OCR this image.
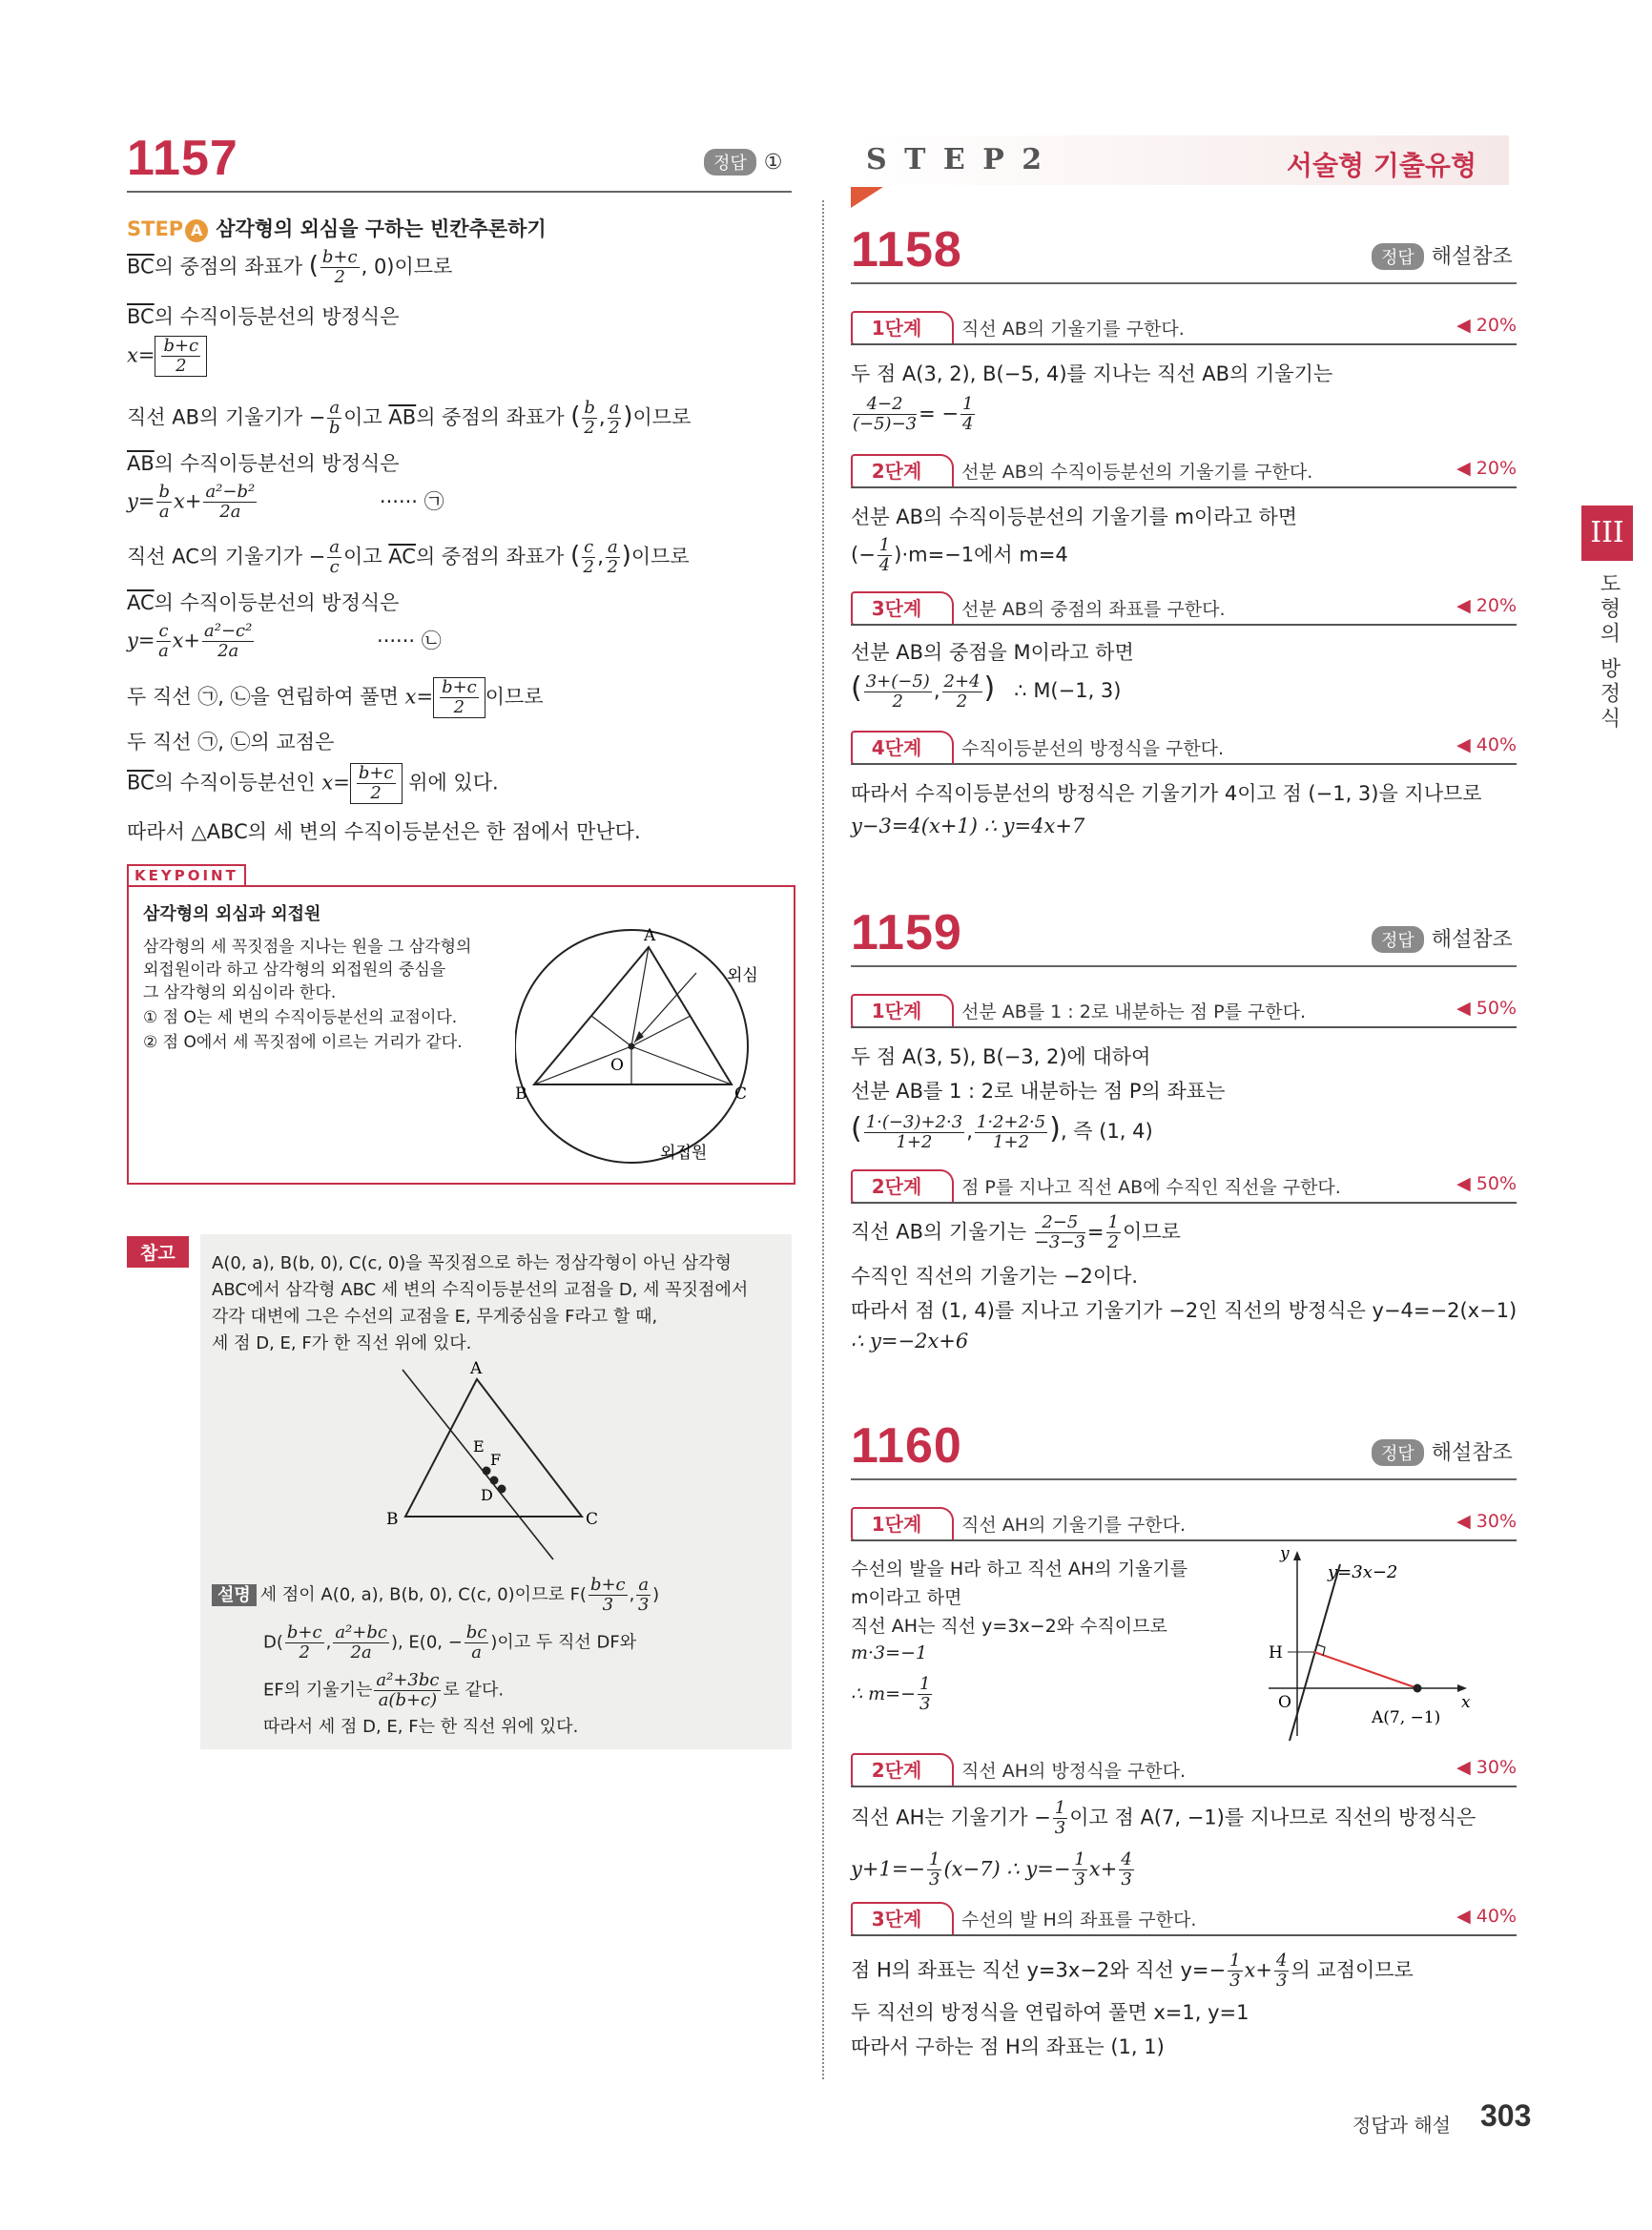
1157	정답 ①
STEP A 삼각형의 외심을 구하는 빈칸추론하기
$\overline{BC}$의 중점의 좌표가 ( $\frac{b+c}{2}$ , 0)이므로
$\overline{BC}$의 수직이등분선의 방정식은
$x= \frac{b+c}{2}$
직선 AB의 기울기가 − $\frac{a}{b}$ 이고 $\overline{AB}$의 중점의 좌표가 ( $\frac{b}{2}$ , $\frac{a}{2}$ )이므로
$\overline{AB}$의 수직이등분선의 방정식은
$y= \frac{b}{a} x+ \frac{\text{a²−b²}}{2a}$	······ ㉠
직선 AC의 기울기가 − $\frac{a}{c}$ 이고 $\overline{AC}$의 중점의 좌표가 ( $\frac{c}{2}$ , $\frac{a}{2}$ )이므로
$\overline{AC}$의 수직이등분선의 방정식은
$y= \frac{c}{a} x+ \frac{\text{a²−c²}}{2a}$	······ ㉡
두 직선 ㉠, ㉡을 연립하여 풀면 $x= \frac{b+c}{2}$ 이므로
두 직선 ㉠, ㉡의 교점은
$\overline{BC}$의 수직이등분선인 $x= \frac{b+c}{2}$ 위에 있다.
따라서 △ABC의 세 변의 수직이등분선은 한 점에서 만난다.
KEYPOINT
삼각형의 외심과 외접원
삼각형의 세 꼭짓점을 지나는 원을 그 삼각형의
외접원이라 하고 삼각형의 외접원의 중심을
그 삼각형의 외심이라 한다.
① 점 O는 세 변의 수직이등분선의 교점이다.
② 점 O에서 세 꼭짓점에 이르는 거리가 같다.
A
B	C
O
외심
외접원
참고	A(0, a), B(b, 0), C(c, 0)을 꼭짓점으로 하는 정삼각형이 아닌 삼각형
ABC에서 삼각형 ABC 세 변의 수직이등분선의 교점을 D, 세 꼭짓점에서
각각 대변에 그은 수선의 교점을 E, 무게중심을 F라고 할 때,
세 점 D, E, F가 한 직선 위에 있다.
A
B	C
E
F
D
설명 세 점이 A(0, a), B(b, 0), C(c, 0)이므로 $F( \frac{b+c}{3}$ , $\frac{a}{3}$ )
$D( \frac{b+c}{2}$ , $\frac{\text{a²+bc}}{2a}$ ), E(0, − $\frac{bc}{a}$ )이고 두 직선 DF와
EF의 기울기는 $\frac{\text{a²+3bc}}{a(b+c)}$ 로 같다.
따라서 세 점 D, E, F는 한 직선 위에 있다.
S T E P 2	서술형 기출유형
1158	정답 해설참조
1단계	직선 AB의 기울기를 구한다.	◀ 20%
두 점 A(3, 2), B(−5, 4)를 지나는 직선 AB의 기울기는
$\frac{4-2}{(-5)-3}$ = − $\frac{1}{4}$
2단계	선분 AB의 수직이등분선의 기울기를 구한다.	◀ 20%
선분 AB의 수직이등분선의 기울기를 m이라고 하면
(− $\frac{1}{4} )\cdot m=-1$에서 m=4
3단계	선분 AB의 중점의 좌표를 구한다.	◀ 20%
선분 AB의 중점을 M이라고 하면
( $\frac{3+(-5)}{2}$ , $\frac{2+4}{2}$ ) ∴ M(−1, 3)
4단계	수직이등분선의 방정식을 구한다.	◀ 40%
따라서 수직이등분선의 방정식은 기울기가 4이고 점 (−1, 3)을 지나므로
y−3=4(x+1) ∴ y=4x+7
1159	정답 해설참조
1단계	선분 AB를 1 : 2로 내분하는 점 P를 구한다.	◀ 50%
두 점 A(3, 5), B(−3, 2)에 대하여
선분 AB를 1 : 2로 내분하는 점 P의 좌표는
( $\frac{1\cdot(-3)+2\cdot 3}{1+2}$ , $\frac{1\cdot 2+2\cdot 5}{1+2}$ ), 즉 (1, 4)
2단계	점 P를 지나고 직선 AB에 수직인 직선을 구한다.	◀ 50%
직선 AB의 기울기는 $\frac{2-5}{-3-3} = \frac{1}{2}$ 이므로
수직인 직선의 기울기는 −2이다.
따라서 점 (1, 4)를 지나고 기울기가 −2인 직선의 방정식은 y−4=−2(x−1)
∴ y=−2x+6
1160	정답 해설참조
1단계	직선 AH의 기울기를 구한다.	◀ 30%
수선의 발을 H라 하고 직선 AH의 기울기를
m이라고 하면
직선 AH는 직선 y=3x−2와 수직이므로
m·3=−1
∴ $m=- \frac{1}{3}$
y
x
O
H
y=3x−2
A(7, −1)
2단계	직선 AH의 방정식을 구한다.	◀ 30%
직선 AH는 기울기가 − $\frac{1}{3}$ 이고 점 A(7, −1)를 지나므로 직선의 방정식은
$y+1=- \frac{1}{3} (x-7)$ ∴ $y=- \frac{1}{3} x+ \frac{4}{3}$
3단계	수선의 발 H의 좌표를 구한다.	◀ 40%
점 H의 좌표는 직선 y=3x−2와 직선 $y=- \frac{1}{3} x+ \frac{4}{3}$ 의 교점이므로
두 직선의 방정식을 연립하여 풀면 x=1, y=1
따라서 구하는 점 H의 좌표는 (1, 1)
III
도형의 방정식
정답과 해설 303
